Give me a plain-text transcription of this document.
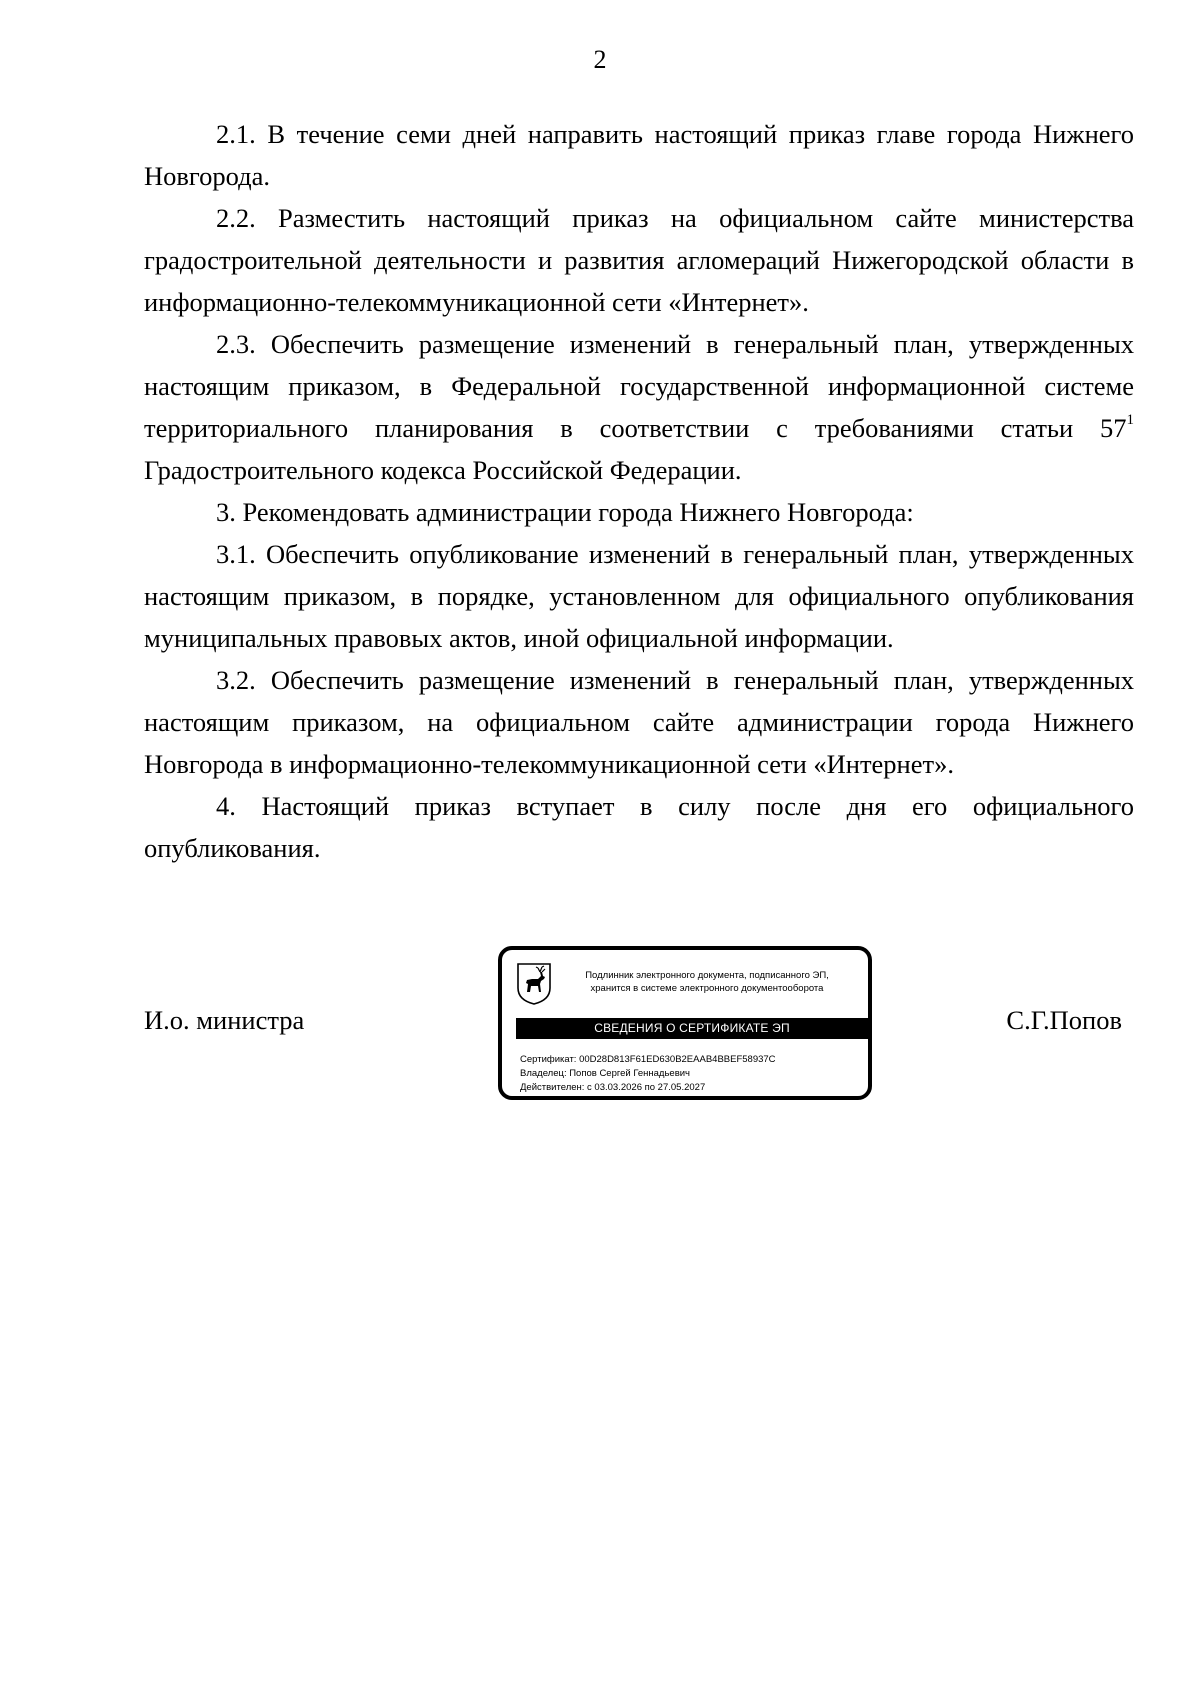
2

2.1. В течение семи дней направить настоящий приказ главе города Нижнего Новгорода.

2.2. Разместить настоящий приказ на официальном сайте министерства градостроительной деятельности и развития агломераций Нижегородской области в информационно-телекоммуникационной сети «Интернет».

2.3. Обеспечить размещение изменений в генеральный план, утвержденных настоящим приказом, в Федеральной государственной информационной системе территориального планирования в соответствии с требованиями статьи $57^1$ Градостроительного кодекса Российской Федерации.

3. Рекомендовать администрации города Нижнего Новгорода:

3.1. Обеспечить опубликование изменений в генеральный план, утвержденных настоящим приказом, в порядке, установленном для официального опубликования муниципальных правовых актов, иной официальной информации.

3.2. Обеспечить размещение изменений в генеральный план, утвержденных настоящим приказом, на официальном сайте администрации города Нижнего Новгорода в информационно-телекоммуникационной сети «Интернет».

4. Настоящий приказ вступает в силу после дня его официального опубликования.

И.о. министра
Подлинник электронного документа, подписанного ЭП,
хранится в системе электронного документооборота
СВЕДЕНИЯ О СЕРТИФИКАТЕ ЭП
Сертификат: 00D28D813F61ED630B2EAAB4BBEF58937C
Владелец: Попов Сергей Геннадьевич
Действителен: с 03.03.2026 по 27.05.2027
С.Г.Попов
